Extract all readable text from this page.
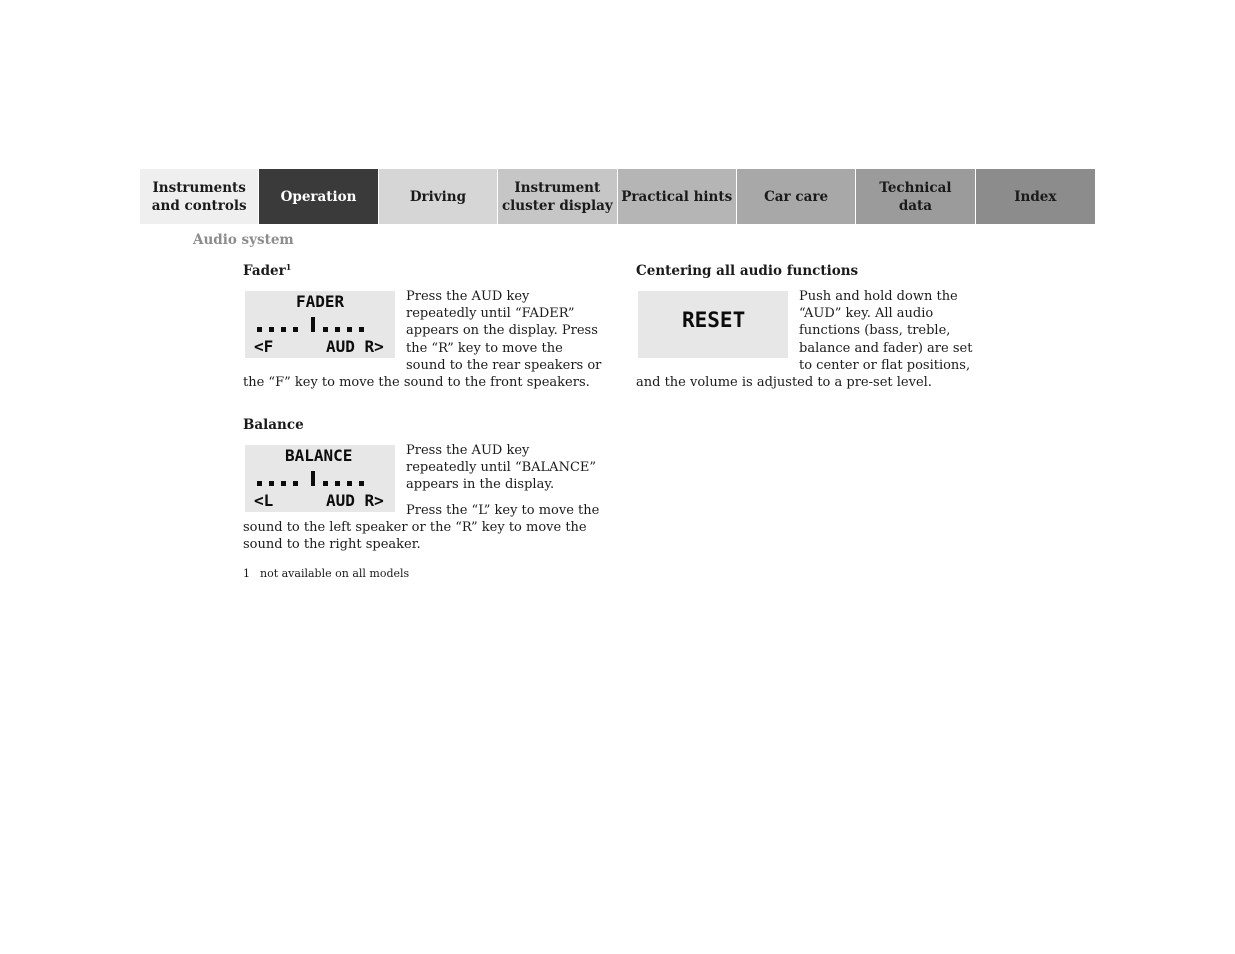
Instruments
and controls
Operation	Driving
Instrument
cluster display
Practical hints	Car care
Technical
data
Index
Audio system
Fader$^1$
FADER
<F	AUD R>
Press the AUD key repeatedly until “FADER” appears on the display. Press the “R” key to move the sound to the rear speakers or the “F” key to move the sound to the front speakers.
Balance
BALANCE
<L	AUD R>
Press the AUD key repeatedly until “BALANCE” appears in the display.
Press the “L” key to move the sound to the left speaker or the “R” key to move the sound to the right speaker.
Centering all audio functions
RESET
Push and hold down the “AUD” key. All audio functions (bass, treble, balance and fader) are set to center or flat positions, and the volume is adjusted to a pre-set level.
1 not available on all models
